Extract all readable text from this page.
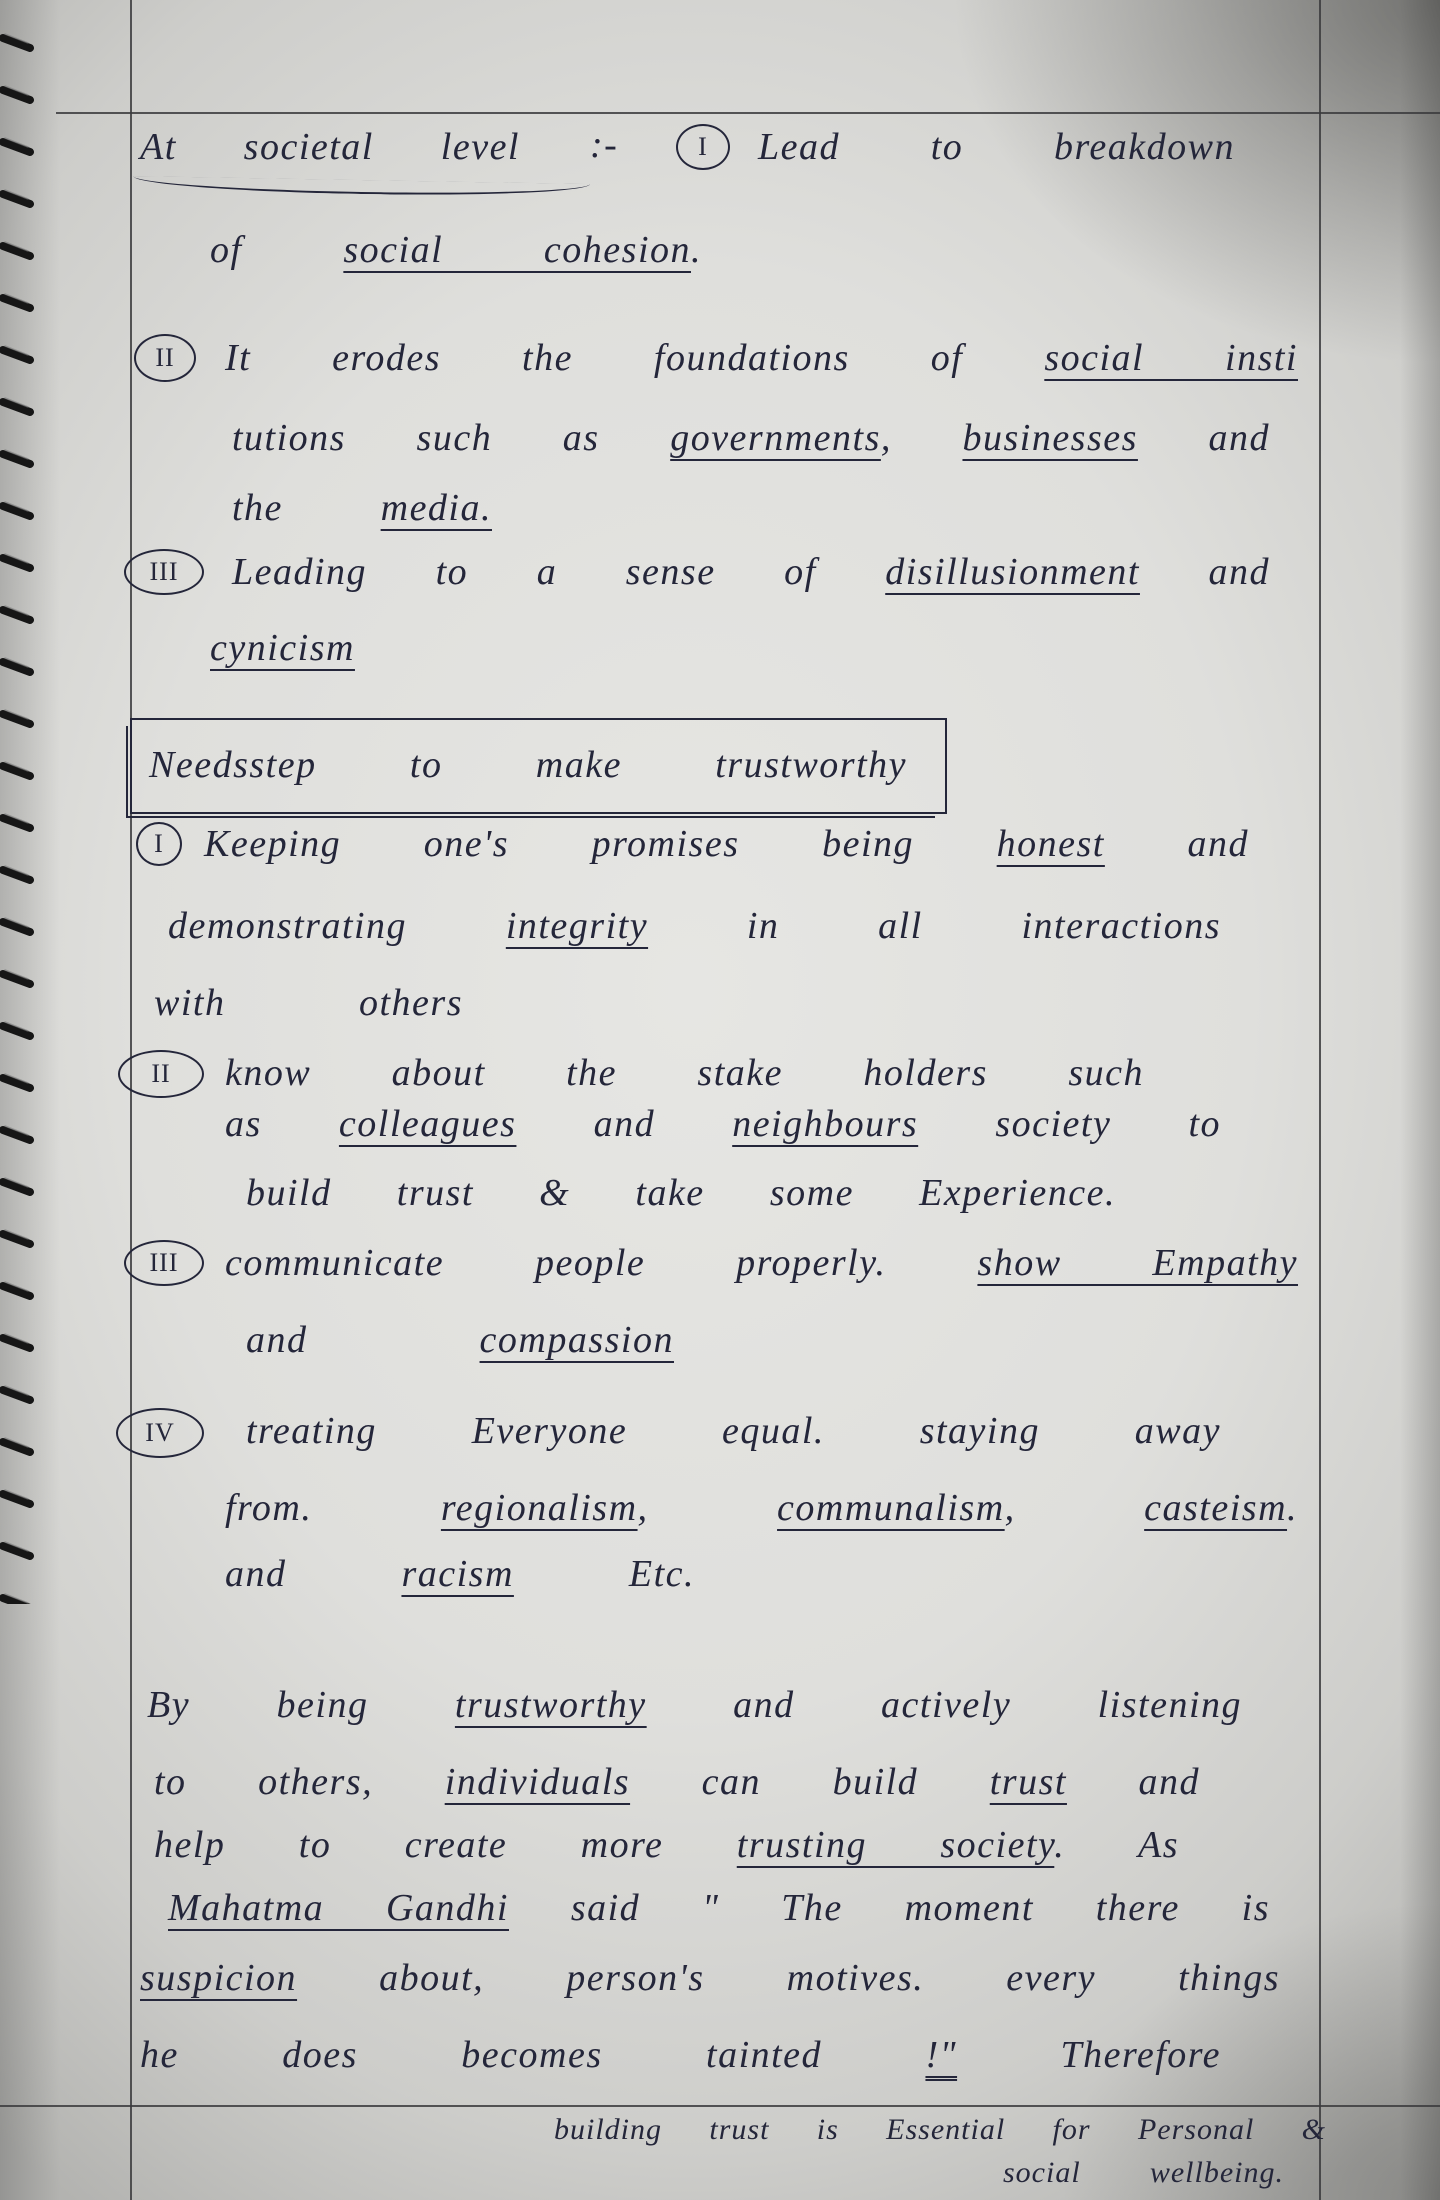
At societal level :-	I	Lead to breakdown
of	social cohesion.
II	It erodes the foundations of social insti
tutions such as governments, businesses and
the	media.
III	Leading to a sense of disillusionment and
cynicism
Needsstep to make trustworthy
I	Keeping one's promises being honest and
demonstrating	integrity	in all interactions
with others
II	know about the stake holders such
as colleagues and neighbours society to
build trust & take some Experience.
III	communicate people properly. show Empathy
and	compassion
IV	treating Everyone equal. staying away
from.	regionalism,	communalism,	casteism.
and	racism	Etc.
By being trustworthy and actively listening
to others, individuals can build trust and
help to create more trusting society. As
Mahatma Gandhi said " The moment there is
suspicion about, person's motives. every things
he does becomes tainted	!"	Therefore
building trust is Essential for Personal &
social wellbeing.
